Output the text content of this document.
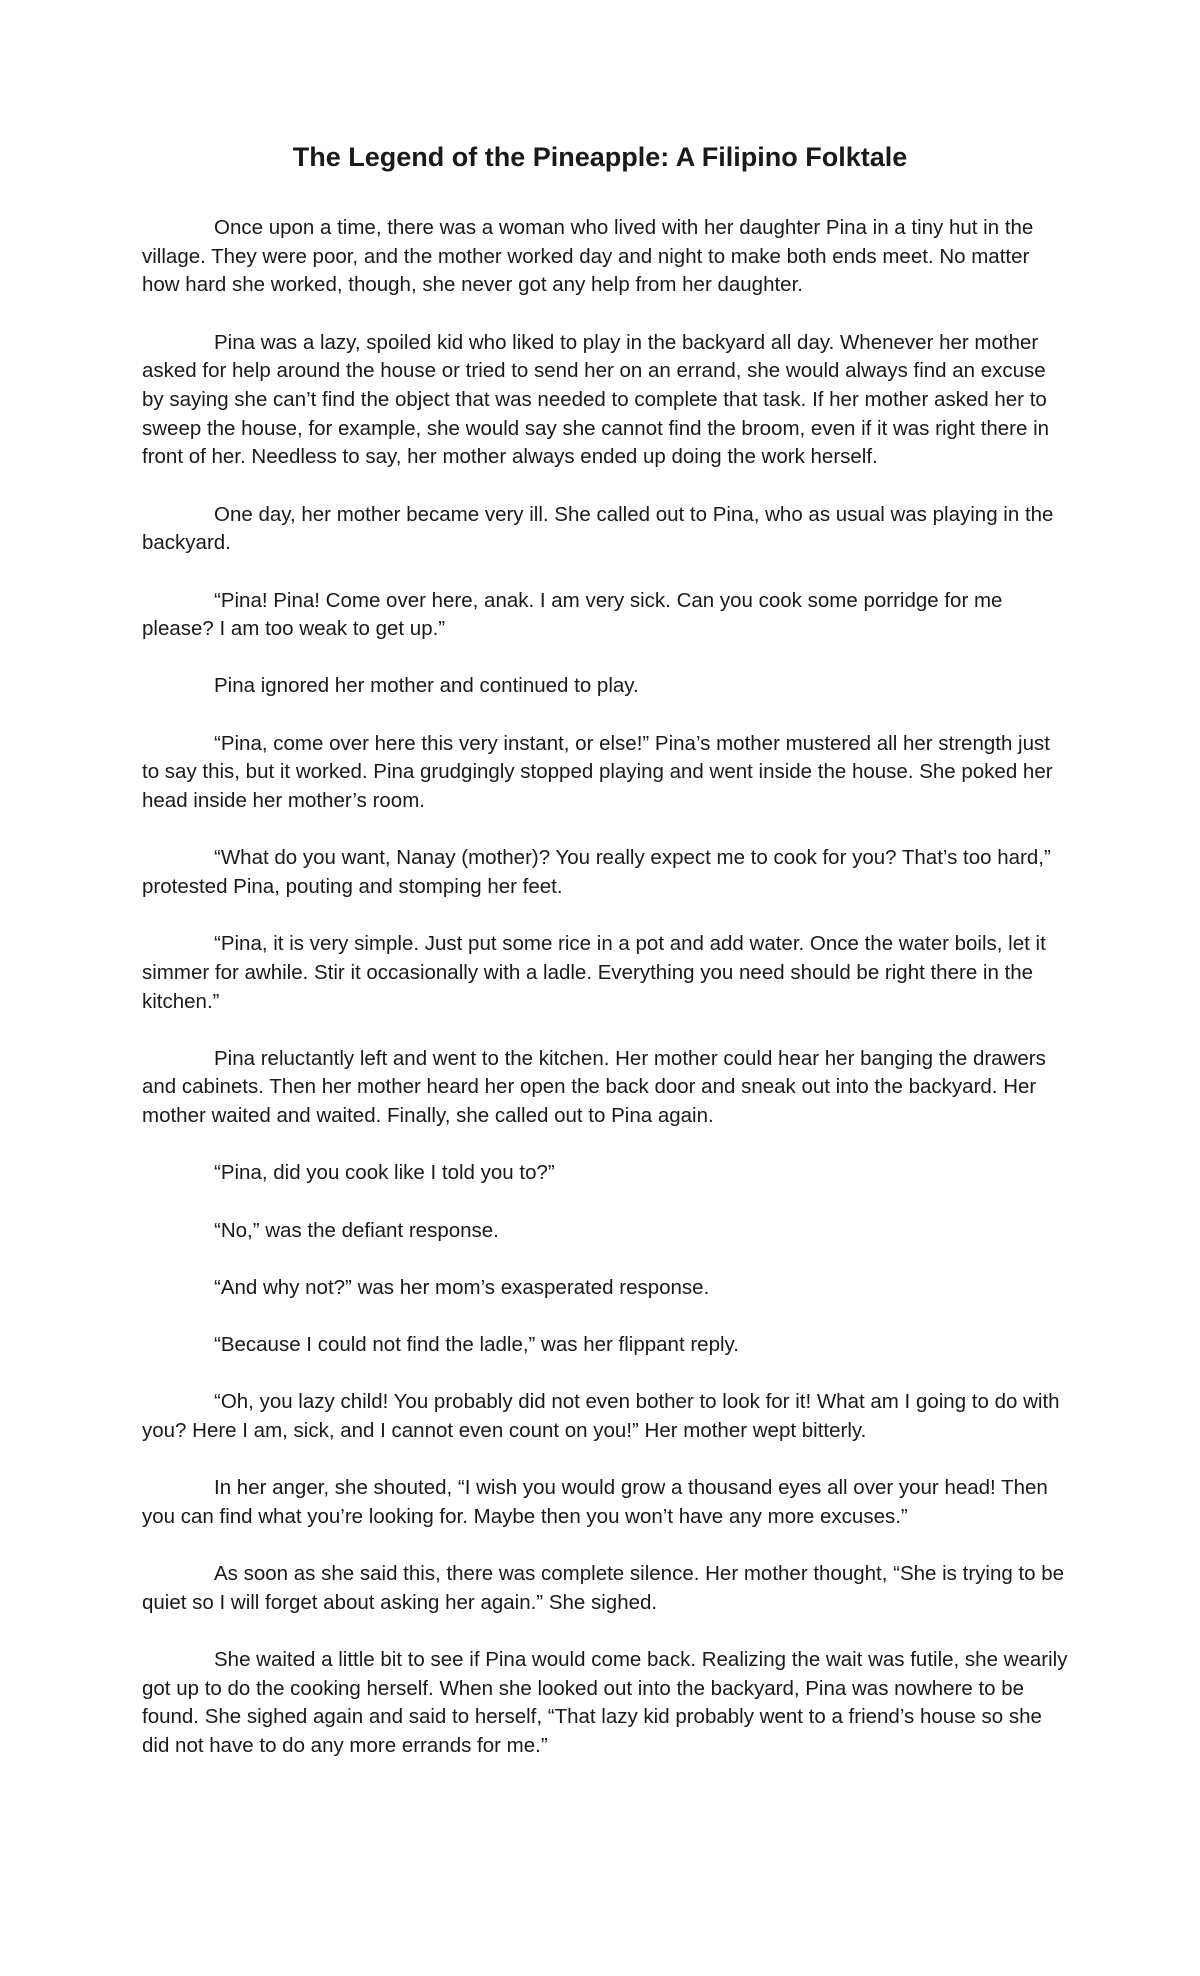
The Legend of the Pineapple: A Filipino Folktale

Once upon a time, there was a woman who lived with her daughter Pina in a tiny hut in the village. They were poor, and the mother worked day and night to make both ends meet. No matter how hard she worked, though, she never got any help from her daughter.

Pina was a lazy, spoiled kid who liked to play in the backyard all day. Whenever her mother asked for help around the house or tried to send her on an errand, she would always find an excuse by saying she can’t find the object that was needed to complete that task. If her mother asked her to sweep the house, for example, she would say she cannot find the broom, even if it was right there in front of her. Needless to say, her mother always ended up doing the work herself.

One day, her mother became very ill. She called out to Pina, who as usual was playing in the backyard.

“Pina! Pina! Come over here, anak. I am very sick. Can you cook some porridge for me please? I am too weak to get up.”

Pina ignored her mother and continued to play.

“Pina, come over here this very instant, or else!” Pina’s mother mustered all her strength just to say this, but it worked. Pina grudgingly stopped playing and went inside the house. She poked her head inside her mother’s room.

“What do you want, Nanay (mother)? You really expect me to cook for you? That’s too hard,” protested Pina, pouting and stomping her feet.

“Pina, it is very simple. Just put some rice in a pot and add water. Once the water boils, let it simmer for awhile. Stir it occasionally with a ladle. Everything you need should be right there in the kitchen.”

Pina reluctantly left and went to the kitchen. Her mother could hear her banging the drawers and cabinets. Then her mother heard her open the back door and sneak out into the backyard. Her mother waited and waited. Finally, she called out to Pina again.

“Pina, did you cook like I told you to?”

“No,” was the defiant response.

“And why not?” was her mom’s exasperated response.

“Because I could not find the ladle,” was her flippant reply.

“Oh, you lazy child! You probably did not even bother to look for it! What am I going to do with you? Here I am, sick, and I cannot even count on you!” Her mother wept bitterly.

In her anger, she shouted, “I wish you would grow a thousand eyes all over your head! Then you can find what you’re looking for. Maybe then you won’t have any more excuses.”

As soon as she said this, there was complete silence. Her mother thought, “She is trying to be quiet so I will forget about asking her again.” She sighed.

She waited a little bit to see if Pina would come back. Realizing the wait was futile, she wearily got up to do the cooking herself. When she looked out into the backyard, Pina was nowhere to be found. She sighed again and said to herself, “That lazy kid probably went to a friend’s house so she did not have to do any more errands for me.”
